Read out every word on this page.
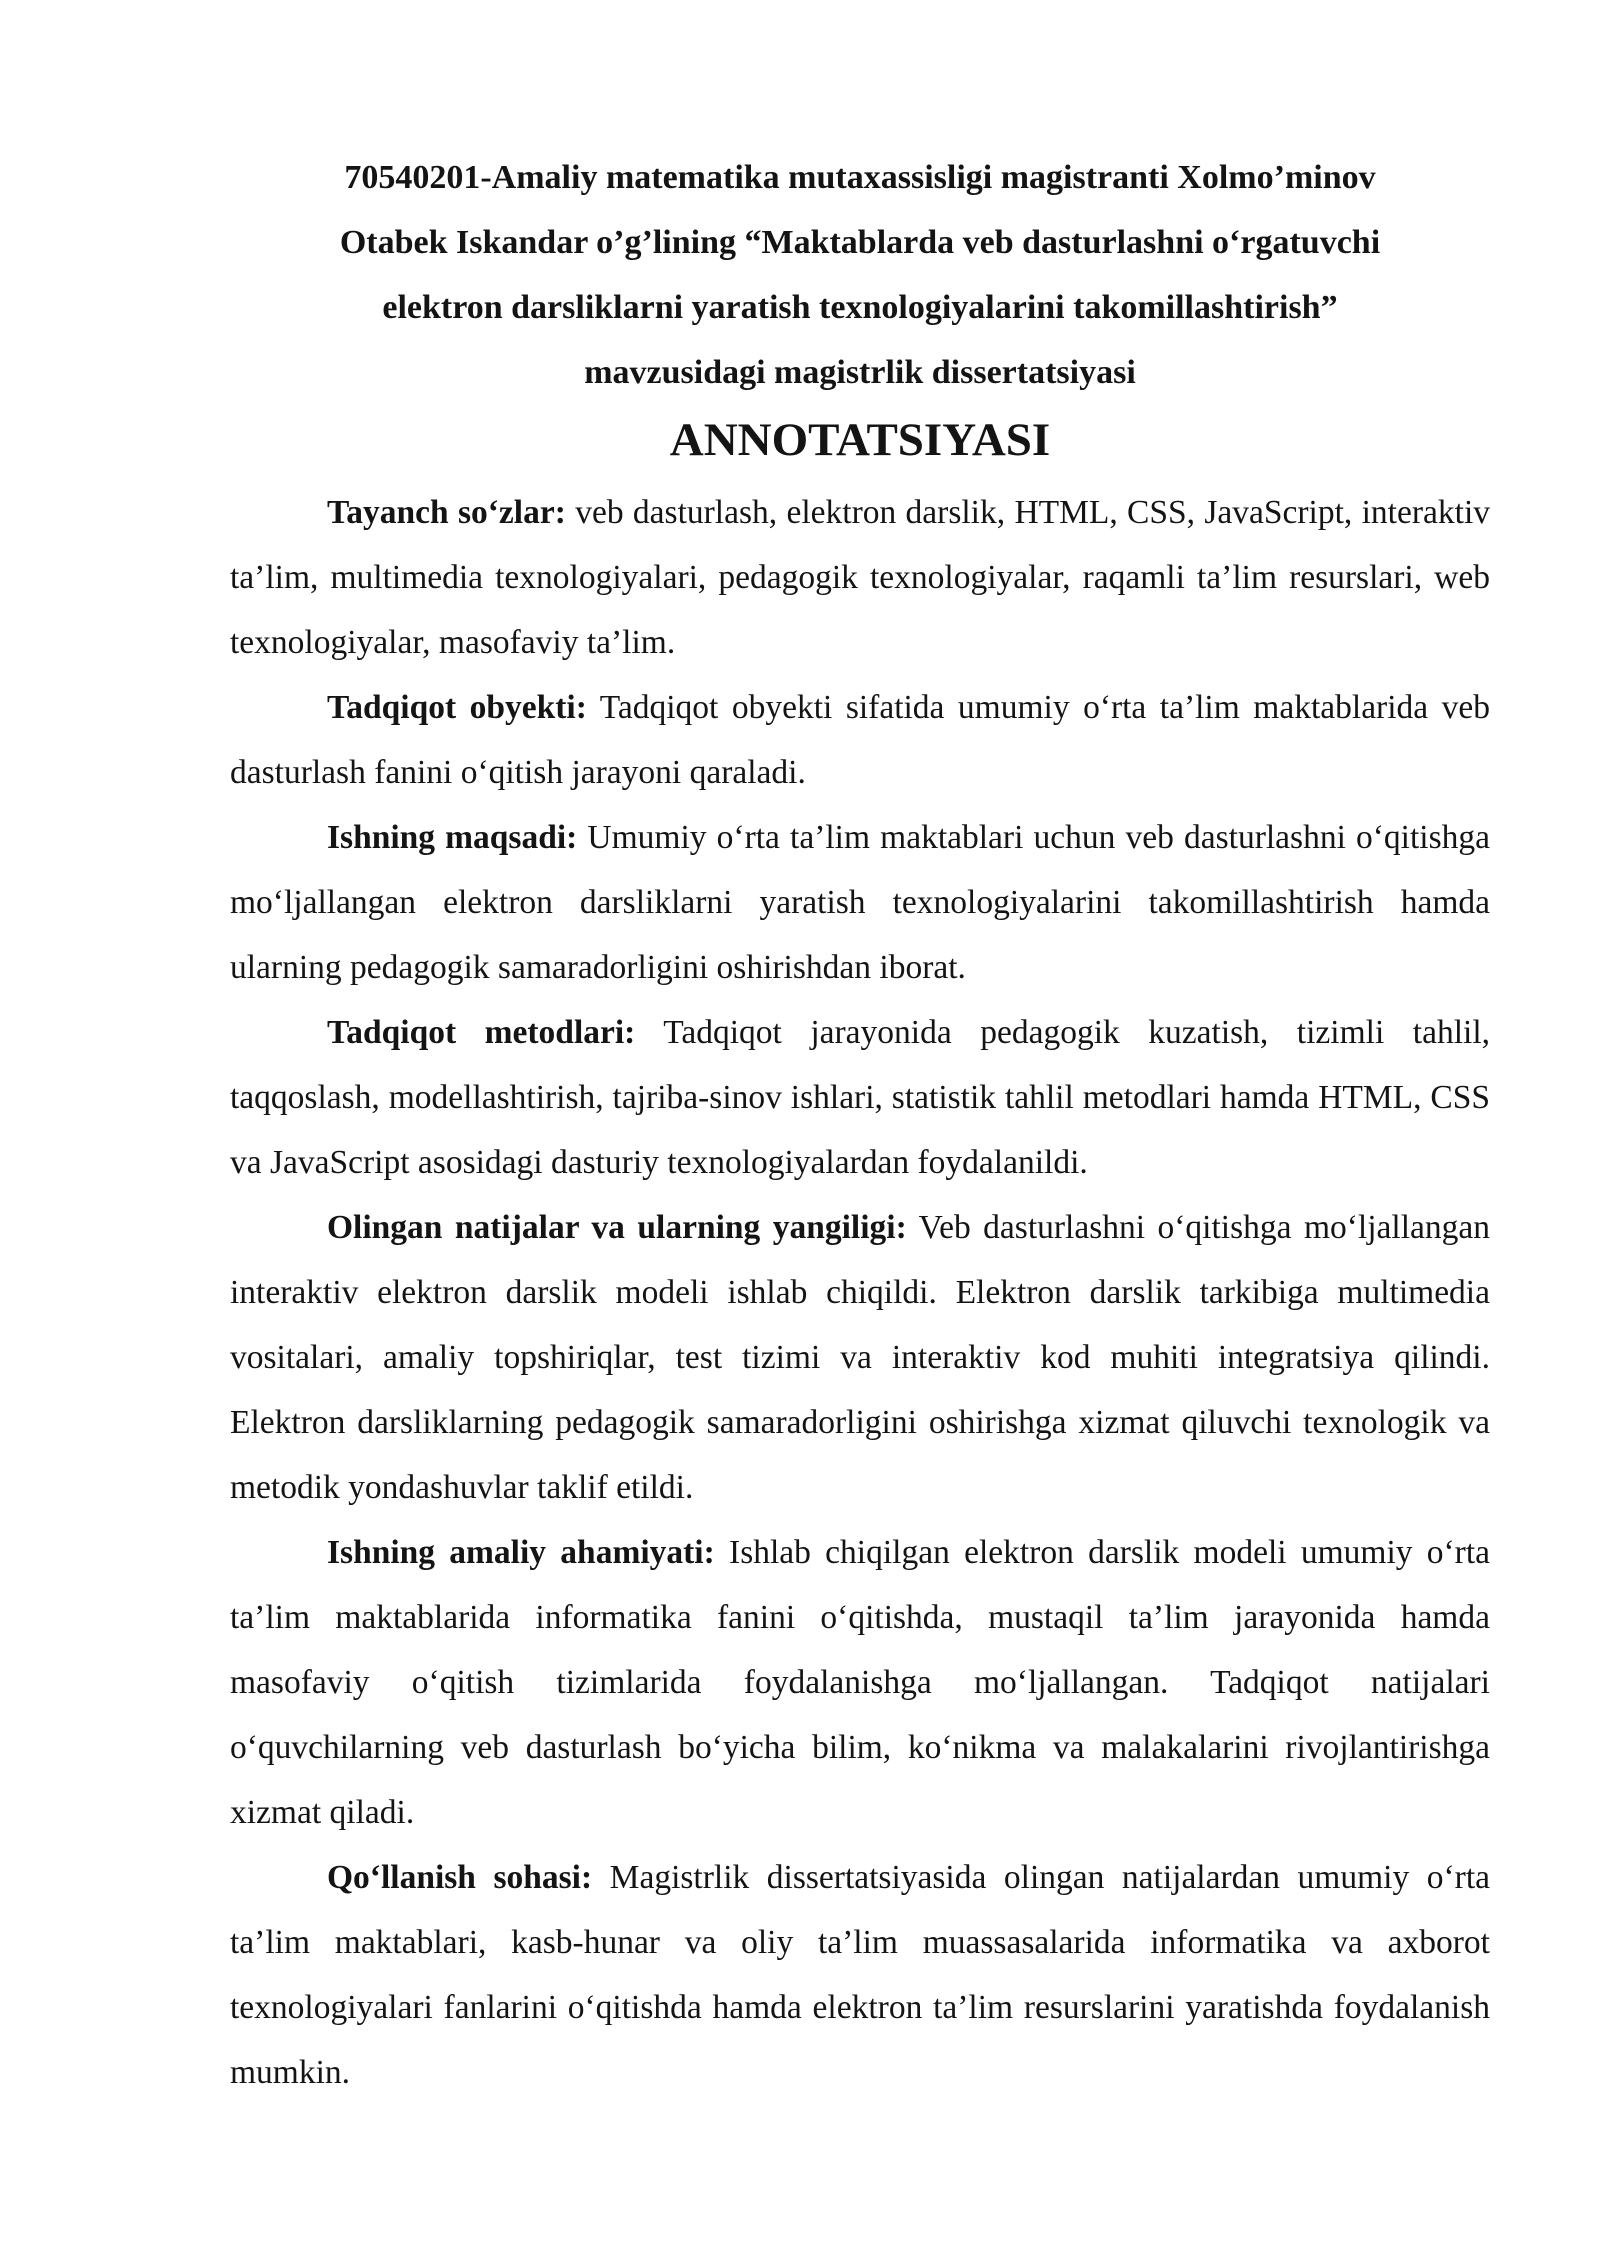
70540201-Amaliy matematika mutaxassisligi magistranti Xolmo’minov
Otabek Iskandar o’g’lining “Maktablarda veb dasturlashni o‘rgatuvchi
elektron darsliklarni yaratish texnologiyalarini takomillashtirish”
mavzusidagi magistrlik dissertatsiyasi
ANNOTATSIYASI

Tayanch so‘zlar: veb dasturlash, elektron darslik, HTML, CSS, JavaScript, interaktiv ta’lim, multimedia texnologiyalari, pedagogik texnologiyalar, raqamli ta’lim resurslari, web texnologiyalar, masofaviy ta’lim.

Tadqiqot obyekti: Tadqiqot obyekti sifatida umumiy o‘rta ta’lim maktablarida veb dasturlash fanini o‘qitish jarayoni qaraladi.

Ishning maqsadi: Umumiy o‘rta ta’lim maktablari uchun veb dasturlashni o‘qitishga mo‘ljallangan elektron darsliklarni yaratish texnologiyalarini takomillashtirish hamda ularning pedagogik samaradorligini oshirishdan iborat.

Tadqiqot metodlari: Tadqiqot jarayonida pedagogik kuzatish, tizimli tahlil, taqqoslash, modellashtirish, tajriba-sinov ishlari, statistik tahlil metodlari hamda HTML, CSS va JavaScript asosidagi dasturiy texnologiyalardan foydalanildi.

Olingan natijalar va ularning yangiligi: Veb dasturlashni o‘qitishga mo‘ljallangan interaktiv elektron darslik modeli ishlab chiqildi. Elektron darslik tarkibiga multimedia vositalari, amaliy topshiriqlar, test tizimi va interaktiv kod muhiti integratsiya qilindi. Elektron darsliklarning pedagogik samaradorligini oshirishga xizmat qiluvchi texnologik va metodik yondashuvlar taklif etildi.

Ishning amaliy ahamiyati: Ishlab chiqilgan elektron darslik modeli umumiy o‘rta ta’lim maktablarida informatika fanini o‘qitishda, mustaqil ta’lim jarayonida hamda masofaviy o‘qitish tizimlarida foydalanishga mo‘ljallangan. Tadqiqot natijalari o‘quvchilarning veb dasturlash bo‘yicha bilim, ko‘nikma va malakalarini rivojlantirishga xizmat qiladi.

Qo‘llanish sohasi: Magistrlik dissertatsiyasida olingan natijalardan umumiy o‘rta ta’lim maktablari, kasb-hunar va oliy ta’lim muassasalarida informatika va axborot texnologiyalari fanlarini o‘qitishda hamda elektron ta’lim resurslarini yaratishda foydalanish mumkin.
